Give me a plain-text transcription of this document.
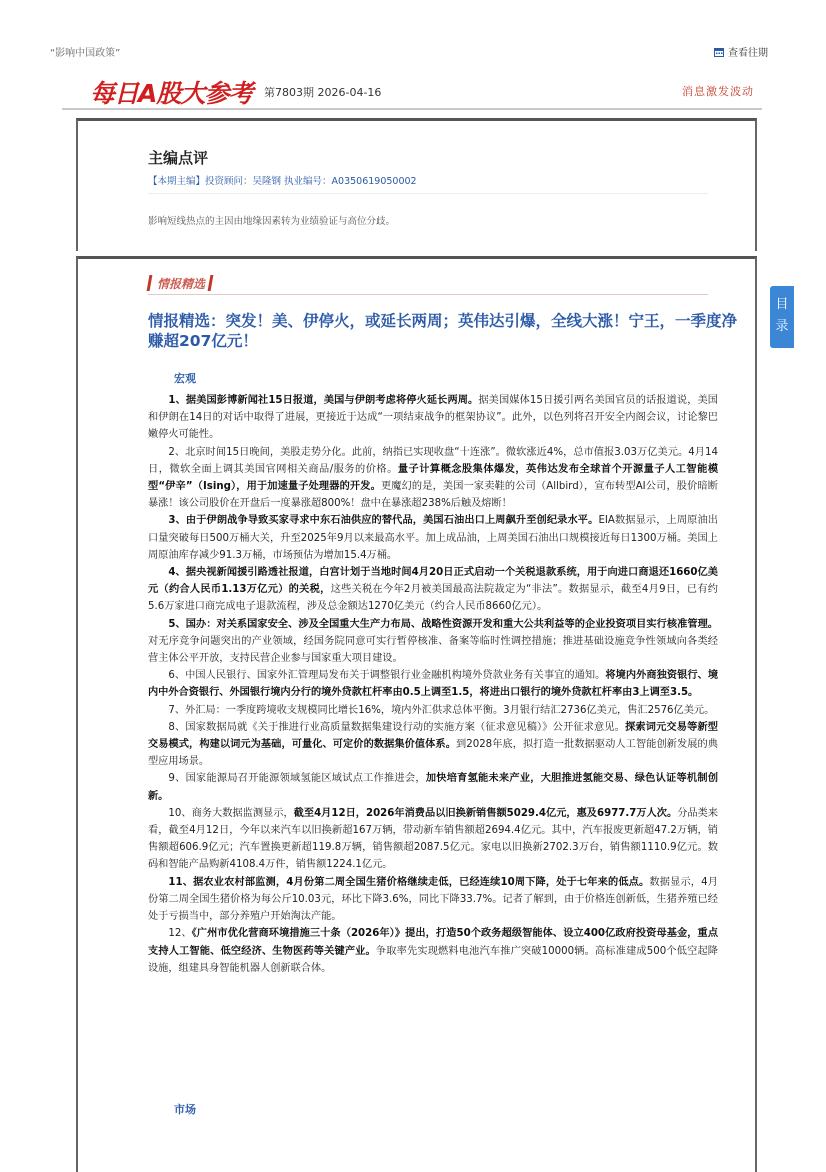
“影响中国政策”	查看往期
每日A股大参考 第7803期 2026-04-16	消息激发波动
主编点评
【本期主编】投资顾问：吴隆钢 执业编号：A0350619050002
影响短线热点的主因由地缘因素转为业绩验证与高位分歧。
情报精选
情报精选：突发！美、伊停火，或延长两周；英伟达引爆，全线大涨！宁王，一季度净赚超207亿元！
宏观

1、据美国彭博新闻社15日报道，美国与伊朗考虑将停火延长两周。据美国媒体15日援引两名美国官员的话报道说，美国和伊朗在14日的对话中取得了进展，更接近于达成“一项结束战争的框架协议”。此外，以色列将召开安全内阁会议，讨论黎巴嫩停火可能性。

2、北京时间15日晚间，美股走势分化。此前，纳指已实现收盘“十连涨”。微软涨近4%，总市值报3.03万亿美元。4月14日，微软全面上调其美国官网相关商品/服务的价格。量子计算概念股集体爆发，英伟达发布全球首个开源量子人工智能模型“伊辛”（Ising），用于加速量子处理器的开发。更魔幻的是，美国一家卖鞋的公司（Allbird），宣布转型AI公司，股价暗断暴涨！该公司股价在开盘后一度暴涨超800%！盘中在暴涨超238%后触及熔断！

3、由于伊朗战争导致买家寻求中东石油供应的替代品，美国石油出口上周飙升至创纪录水平。EIA数据显示，上周原油出口量突破每日500万桶大关，升至2025年9月以来最高水平。加上成品油，上周美国石油出口规模接近每日1300万桶。美国上周原油库存减少91.3万桶，市场预估为增加15.4万桶。

4、据央视新闻援引路透社报道，白宫计划于当地时间4月20日正式启动一个关税退款系统，用于向进口商退还1660亿美元（约合人民币1.13万亿元）的关税，这些关税在今年2月被美国最高法院裁定为“非法”。数据显示，截至4月9日，已有约5.6万家进口商完成电子退款流程，涉及总金额达1270亿美元（约合人民币8660亿元）。

5、国办：对关系国家安全、涉及全国重大生产力布局、战略性资源开发和重大公共利益等的企业投资项目实行核准管理。对无序竞争问题突出的产业领域，经国务院同意可实行暂停核准、备案等临时性调控措施；推进基础设施竞争性领域向各类经营主体公平开放，支持民营企业参与国家重大项目建设。

6、中国人民银行、国家外汇管理局发布关于调整银行业金融机构境外贷款业务有关事宜的通知。将境内外商独资银行、境内中外合资银行、外国银行境内分行的境外贷款杠杆率由0.5上调至1.5，将进出口银行的境外贷款杠杆率由3上调至3.5。

7、外汇局：一季度跨境收支规模同比增长16%，境内外汇供求总体平衡。3月银行结汇2736亿美元，售汇2576亿美元。

8、国家数据局就《关于推进行业高质量数据集建设行动的实施方案（征求意见稿）》公开征求意见。探索词元交易等新型交易模式，构建以词元为基础，可量化、可定价的数据集价值体系。到2028年底，拟打造一批数据驱动人工智能创新发展的典型应用场景。

9、国家能源局召开能源领域氢能区域试点工作推进会，加快培育氢能未来产业，大胆推进氢能交易、绿色认证等机制创新。

10、商务大数据监测显示，截至4月12日，2026年消费品以旧换新销售额5029.4亿元，惠及6977.7万人次。分品类来看，截至4月12日，今年以来汽车以旧换新超167万辆，带动新车销售额超2694.4亿元。其中，汽车报废更新超47.2万辆，销售额超606.9亿元；汽车置换更新超119.8万辆，销售额超2087.5亿元。家电以旧换新2702.3万台，销售额1110.9亿元。数码和智能产品购新4108.4万件，销售额1224.1亿元。

11、据农业农村部监测，4月份第二周全国生猪价格继续走低，已经连续10周下降，处于七年来的低点。数据显示，4月份第二周全国生猪价格为每公斤10.03元，环比下降3.6%，同比下降33.7%。记者了解到，由于价格连创新低，生猪养殖已经处于亏损当中，部分养殖户开始淘汰产能。

12、《广州市优化营商环境措施三十条（2026年）》提出，打造50个政务超级智能体、设立400亿政府投资母基金，重点支持人工智能、低空经济、生物医药等关键产业。争取率先实现燃料电池汽车推广突破10000辆。高标准建成500个低空起降设施，组建具身智能机器人创新联合体。

市场
目
录
